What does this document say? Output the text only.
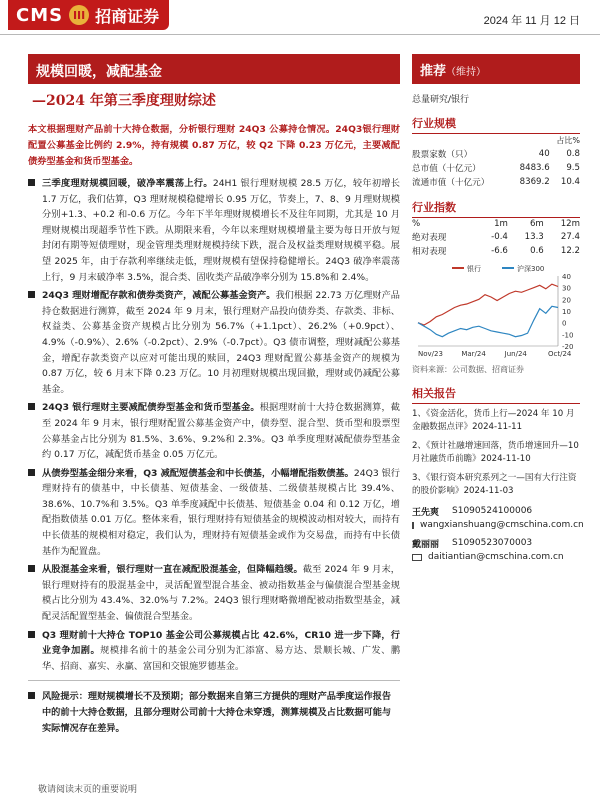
CMS III 招商证券	2024 年 11 月 12 日
规模回暖，减配基金
—2024 年第三季度理财综述
本文根据理财产品前十大持仓数据，分析银行理财 24Q3 公募持仓情况。24Q3银行理财配置公募基金比例约 2.9%，持有规模 0.87 万亿，较 Q2 下降 0.23 万亿元，主要减配债券型基金和货币型基金。
三季度理财规模回暖，破净率震荡上行。24H1 银行理财规模 28.5 万亿，较年初增长 1.7 万亿，我们估算，Q3 理财规模稳健增长 0.95 万亿，节奏上，7、8、9 月理财规模分别+1.3、+0.2 和-0.6 万亿。今年下半年理财规模增长不及往年同期，尤其是 10 月理财规模出现超季节性下跌。从期限来看，今年以来理财规模增量主要为每日开放与短封闭有期等短债理财，现金管理类理财规模持续下跌，混合及权益类理财规模平稳。展望 2025 年，由于存款利率继续走低，理财规模有望保持稳健增长。24Q3 破净率震荡上行，9 月末破净率 3.5%，混合类、固收类产品破净率分别为 15.8%和 2.4%。
24Q3 理财增配存款和债券类资产，减配公募基金资产。我们根据 22.73 万亿理财产品持仓数据进行测算，截至 2024 年 9 月末，银行理财产品投向债券类、存款类、非标、权益类、公募基金资产规模占比分别为 56.7%（+1.1pct）、26.2%（+0.9pct）、4.9%（-0.9%）、2.6%（-0.2pct）、2.9%（-0.7pct）。Q3 债市调整，理财减配公募基金，增配存款类资产以应对可能出现的赎回，24Q3 理财配置公募基金资产的规模为 0.87 万亿，较 6 月末下降 0.23 万亿。10 月初理财规模出现回撤，理财或仍减配公募基金。
24Q3 银行理财主要减配债券型基金和货币型基金。根据理财前十大持仓数据测算，截至 2024 年 9 月末，银行理财配置公募基金资产中，债券型、混合型、货币型和股票型公募基金占比分别为 81.5%、3.6%、9.2%和 2.3%。Q3 单季度理财减配债券型基金约 0.17 万亿，减配货币基金 0.05 万亿元。
从债券型基金细分来看，Q3 减配短债基金和中长债基，小幅增配指数债基。24Q3 银行理财持有的债基中，中长债基、短债基金、一级债基、二级债基规模占比 39.4%、38.6%、10.7%和 3.5%。Q3 单季度减配中长债基、短债基金 0.04 和 0.12 万亿，增配指数债基 0.01 万亿。整体来看，银行理财持有短债基金的规模波动相对较大，而持有中长债基的规模相对稳定，我们认为，理财持有短债基金或作为交易盘，而持有中长债基作为配置盘。
从股混基金来看，银行理财一直在减配股混基金，但降幅趋缓。截至 2024 年 9 月末，银行理财持有的股混基金中，灵活配置型混合基金、被动指数基金与偏债混合型基金规模占比分别为 43.4%、32.0%与 7.2%。24Q3 银行理财略微增配被动指数型基金，减配灵活配置型基金、偏债混合型基金。
Q3 理财前十大持仓 TOP10 基金公司公募规模占比 42.6%，CR10 进一步下降，行业竞争加剧。规模排名前十的基金公司分别为汇添富、易方达、景顺长城、广发、鹏华、招商、嘉实、永赢、富国和交银施罗德基金。
风险提示：理财规模增长不及预期；部分数据来自第三方提供的理财产品季度运作报告中的前十大持仓数据，且部分理财公司前十大持仓未穿透，测算规模及占比数据可能与实际情况存在差异。
敬请阅读末页的重要说明
推荐（维持）
总量研究/银行
行业规模
		占比%
股票家数（只）	40	0.8
总市值（十亿元）	8483.6	9.5
流通市值（十亿元）	8369.2	10.4
行业指数
%	1m	6m	12m
绝对表现	-0.4	13.3	27.4
相对表现	-6.6	0.6	12.2
40
30
20
10
0
-10
-20
Nov/23	Mar/24	Jun/24	Oct/24
银行	沪深300
资料来源：公司数据、招商证券
相关报告
1、《资金活化，货币上行—2024 年 10 月金融数据点评》2024-11-11
2、《预计社融增速回落，货币增速回升—10 月社融货币前瞻》2024-11-10
3、《银行资本研究系列之一—国有大行注资的股价影响》2024-11-03
王先爽	S1090524100006
wangxianshuang@cmschina.com.cn
戴丽丽	S1090523070003
daitiantian@cmschina.com.cn
